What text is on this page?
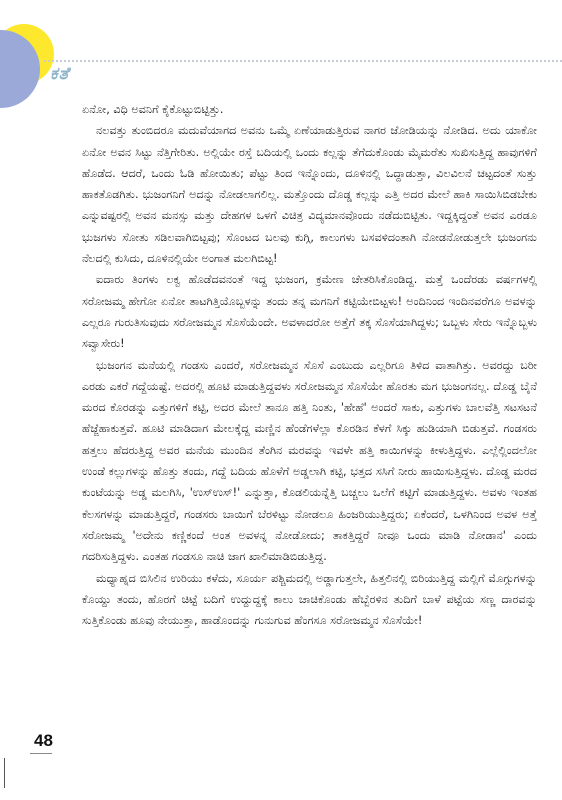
ಕತೆ

ಏನೋ, ವಿಧಿ ಅವನಿಗೆ ಕೈಕೊಟ್ಟುಬಿಟ್ಟಿತ್ತು.

ನಲವತ್ತು ತುಂಬಿದರೂ ಮದುವೆಯಾಗದ ಅವನು ಒಮ್ಮೆ ಏಣೆಯಾಡುತ್ತಿರುವ ನಾಗರ ಜೋಡಿಯನ್ನು ನೋಡಿದ. ಅದು ಯಾಕೋ ಏನೋ ಅವನ ಸಿಟ್ಟು ನೆತ್ತಿಗೇರಿತು. ಅಲ್ಲಿಯೇ ರಸ್ತೆ ಬದಿಯಲ್ಲಿ ಒಂದು ಕಲ್ಲನ್ನು ತೆಗೆದುಕೊಂಡು ಮೈಮರೆತು ಸುಖಿಸುತ್ತಿದ್ದ ಹಾವುಗಳಿಗೆ ಹೊಡೆದ. ಆದರೆ, ಒಂದು ಓಡಿ ಹೋಯಿತು; ಪೆಟ್ಟು ತಿಂದ ಇನ್ನೊಂದು, ದೂಳಿನಲ್ಲಿ ಒದ್ದಾಡುತ್ತಾ, ವಿಲವಿಲನೆ ಚಟ್ಟದಂತೆ ಸುತ್ತು ಹಾಕತೊಡಗಿತು. ಭುಜಂಗನಿಗೆ ಅದನ್ನು ನೋಡಲಾಗಲಿಲ್ಲ. ಮತ್ತೊಂದು ದೊಡ್ಡ ಕಲ್ಲನ್ನು ಎತ್ತಿ ಅದರ ಮೇಲೆ ಹಾಕಿ ಸಾಯಿಸಿಬಿಡಬೇಕು ಎನ್ನುವಷ್ಟರಲ್ಲಿ ಅವನ ಮನಸ್ಸು ಮತ್ತು ದೇಹಗಳ ಒಳಗೆ ವಿಚಿತ್ರ ವಿದ್ಯಮಾನವೊಂದು ನಡೆದುಬಿಟ್ಟಿತು. ಇದ್ದಕ್ಕಿದ್ದಂತೆ ಅವನ ಎರಡೂ ಭುಜಗಳು ಸೋತು ಸಡಿಲವಾಗಿಬಿಟ್ಟವು; ಸೊಂಟದ ಬಲವು ಕುಗ್ಗಿ, ಕಾಲುಗಳು ಬಸವಳಿದಂತಾಗಿ ನೋಡನೋಡುತ್ತಲೇ ಭುಜಂಗನು ನೆಲದಲ್ಲಿ ಕುಸಿದು, ದೂಳಿನಲ್ಲಿಯೇ ಅಂಗಾತ ಮಲಗಿಬಿಟ್ಟ!

ಐದಾರು ತಿಂಗಳು ಲಕ್ವ ಹೊಡೆದವನಂತೆ ಇದ್ದ ಭುಜಂಗ, ಕ್ರಮೇಣ ಚೇತರಿಸಿಕೊಂಡಿದ್ದ. ಮತ್ತೆ ಒಂದೆರಡು ವರ್ಷಗಳಲ್ಲಿ ಸರೋಜಮ್ಮ ಹೇಗೋ ಏನೋ ತಾಟಗಿತ್ತಿಯೊಬ್ಬಳನ್ನು ತಂದು ತನ್ನ ಮಗನಿಗೆ ಕಟ್ಟಿಯೇಬಿಟ್ಟಳು! ಅಂದಿನಿಂದ ಇಂದಿನವರೆಗೂ ಅವಳನ್ನು ಎಲ್ಲರೂ ಗುರುತಿಸುವುದು ಸರೋಜಮ್ಮನ ಸೊಸೆಯೆಂದೇ. ಅವಳಾದರೋ ಅತ್ತೆಗೆ ತಕ್ಕ ಸೊಸೆಯಾಗಿದ್ದಳು; ಒಬ್ಬಳು ಸೇರು ಇನ್ನೊಬ್ಬಳು ಸವ್ವಾಸೇರು!

ಭುಜಂಗನ ಮನೆಯಲ್ಲಿ ಗಂಡಸು ಎಂದರೆ, ಸರೋಜಮ್ಮನ ಸೊಸೆ ಎಂಬುದು ಎಲ್ಲರಿಗೂ ತಿಳಿದ ವಾತಾಗಿತ್ತು. ಅವರದ್ದು ಬರೀ ಎರಡು ಎಕರೆ ಗದ್ದೆಯಷ್ಟೆ. ಅದರಲ್ಲಿ ಹೂಟಿ ಮಾಡುತ್ತಿದ್ದವಳು ಸರೋಜಮ್ಮನ ಸೊಸೆಯೇ ಹೊರತು ಮಗ ಭುಜಂಗನಲ್ಲ. ದೊಡ್ಡ ಬೈನೆ ಮರದ ಕೊರಡನ್ನು ಎತ್ತುಗಳಿಗೆ ಕಟ್ಟಿ, ಅದರ ಮೇಲೆ ತಾನೂ ಹತ್ತಿ ನಿಂತು, 'ಹೇಹೆ' ಅಂದರೆ ಸಾಕು, ಎತ್ತುಗಳು ಬಾಲವೆತ್ತಿ ಸಟಸಟನೆ ಹೆಜ್ಜೆಹಾಕುತ್ತವೆ. ಹೂಟಿ ಮಾಡಿದಾಗ ಮೇಲಕ್ಕೆದ್ದ ಮಣ್ಣಿನ ಹೆಂಡೆಗಳೆಲ್ಲಾ ಕೊರಡಿನ ಕೆಳಗೆ ಸಿಕ್ಕು ಹುಡಿಯಾಗಿ ಬಿಡುತ್ತವೆ. ಗಂಡಸರು ಹತ್ತಲು ಹೆದರುತ್ತಿದ್ದ ಅವರ ಮನೆಯ ಮುಂದಿನ ತೆಂಗಿನ ಮರವನ್ನು ಇವಳೇ ಹತ್ತಿ ಕಾಯಿಗಳನ್ನು ಕೀಳುತ್ತಿದ್ದಳು. ಎಲ್ಲೆಲ್ಲಿಂದಲೋ ಉಂಡೆ ಕಲ್ಲುಗಳನ್ನು ಹೊತ್ತು ತಂದು, ಗದ್ದೆ ಬದಿಯ ಹೊಳೆಗೆ ಅಡ್ಡಲಾಗಿ ಕಟ್ಟಿ, ಭತ್ತದ ಸಸಿಗೆ ನೀರು ಹಾಯಿಸುತ್ತಿದ್ದಳು. ದೊಡ್ಡ ಮರದ ಕುಂಟೆಯನ್ನು ಅಡ್ಡ ಮಲಗಿಸಿ, 'ಉಸ್‌ಉಸ್!' ಎನ್ನುತ್ತಾ, ಕೊಡಲಿಯನ್ನೆತ್ತಿ ಬಚ್ಚಲು ಒಲೆಗೆ ಕಟ್ಟಿಗೆ ಮಾಡುತ್ತಿದ್ದಳು. ಅವಳು ಇಂತಹ ಕೆಲಸಗಳನ್ನು ಮಾಡುತ್ತಿದ್ದರೆ, ಗಂಡಸರು ಬಾಯಿಗೆ ಬೆರಳಿಟ್ಟು ನೋಡಲೂ ಹಿಂಜರಿಯುತ್ತಿದ್ದರು; ಏಕೆಂದರೆ, ಒಳಗಿನಿಂದ ಅವಳ ಅತ್ತೆ ಸರೋಜಮ್ಮ 'ಅದೇನು ಕಣ್ಣಿಕಂದೆ ಅಂತ ಅವಳನ್ನ ನೋಡೋದು; ತಾಕತ್ತಿದ್ದರೆ ನೀವೂ ಒಂದು ಮಾಡಿ ನೋಡಾನ' ಎಂದು ಗದರಿಸುತ್ತಿದ್ದಳು. ಎಂತಹ ಗಂಡಸೂ ನಾಚಿ ಜಾಗ ಖಾಲಿಮಾಡಿಬಿಡುತ್ತಿದ್ದ.

ಮಧ್ಯಾಹ್ನದ ಬಿಸಿಲಿನ ಉರಿಯು ಕಳೆದು, ಸೂರ್ಯ ಪಶ್ಚಿಮದಲ್ಲಿ ಅಡ್ಡಾಗುತ್ತಲೇ, ಹಿತ್ತಲಿನಲ್ಲಿ ಬಿರಿಯುತ್ತಿದ್ದ ಮಲ್ಲಿಗೆ ಮೊಗ್ಗುಗಳನ್ನು ಕೊಯ್ದು ತಂದು, ಹೊರಗೆ ಚಿಟ್ಟೆ ಬದಿಗೆ ಉದ್ದುದ್ದಕ್ಕೆ ಕಾಲು ಚಾಚಿಕೊಂಡು ಹೆಬ್ಬೆರಳಿನ ತುದಿಗೆ ಬಾಳೆ ಪಟ್ಟೆಯ ಸಣ್ಣ ದಾರವನ್ನು ಸುತ್ತಿಕೊಂಡು ಹೂವು ನೇಯುತ್ತಾ, ಹಾಡೊಂದನ್ನು ಗುನುಗುವ ಹೆಂಗಸೂ ಸರೋಜಮ್ಮನ ಸೊಸೆಯೇ!

48
